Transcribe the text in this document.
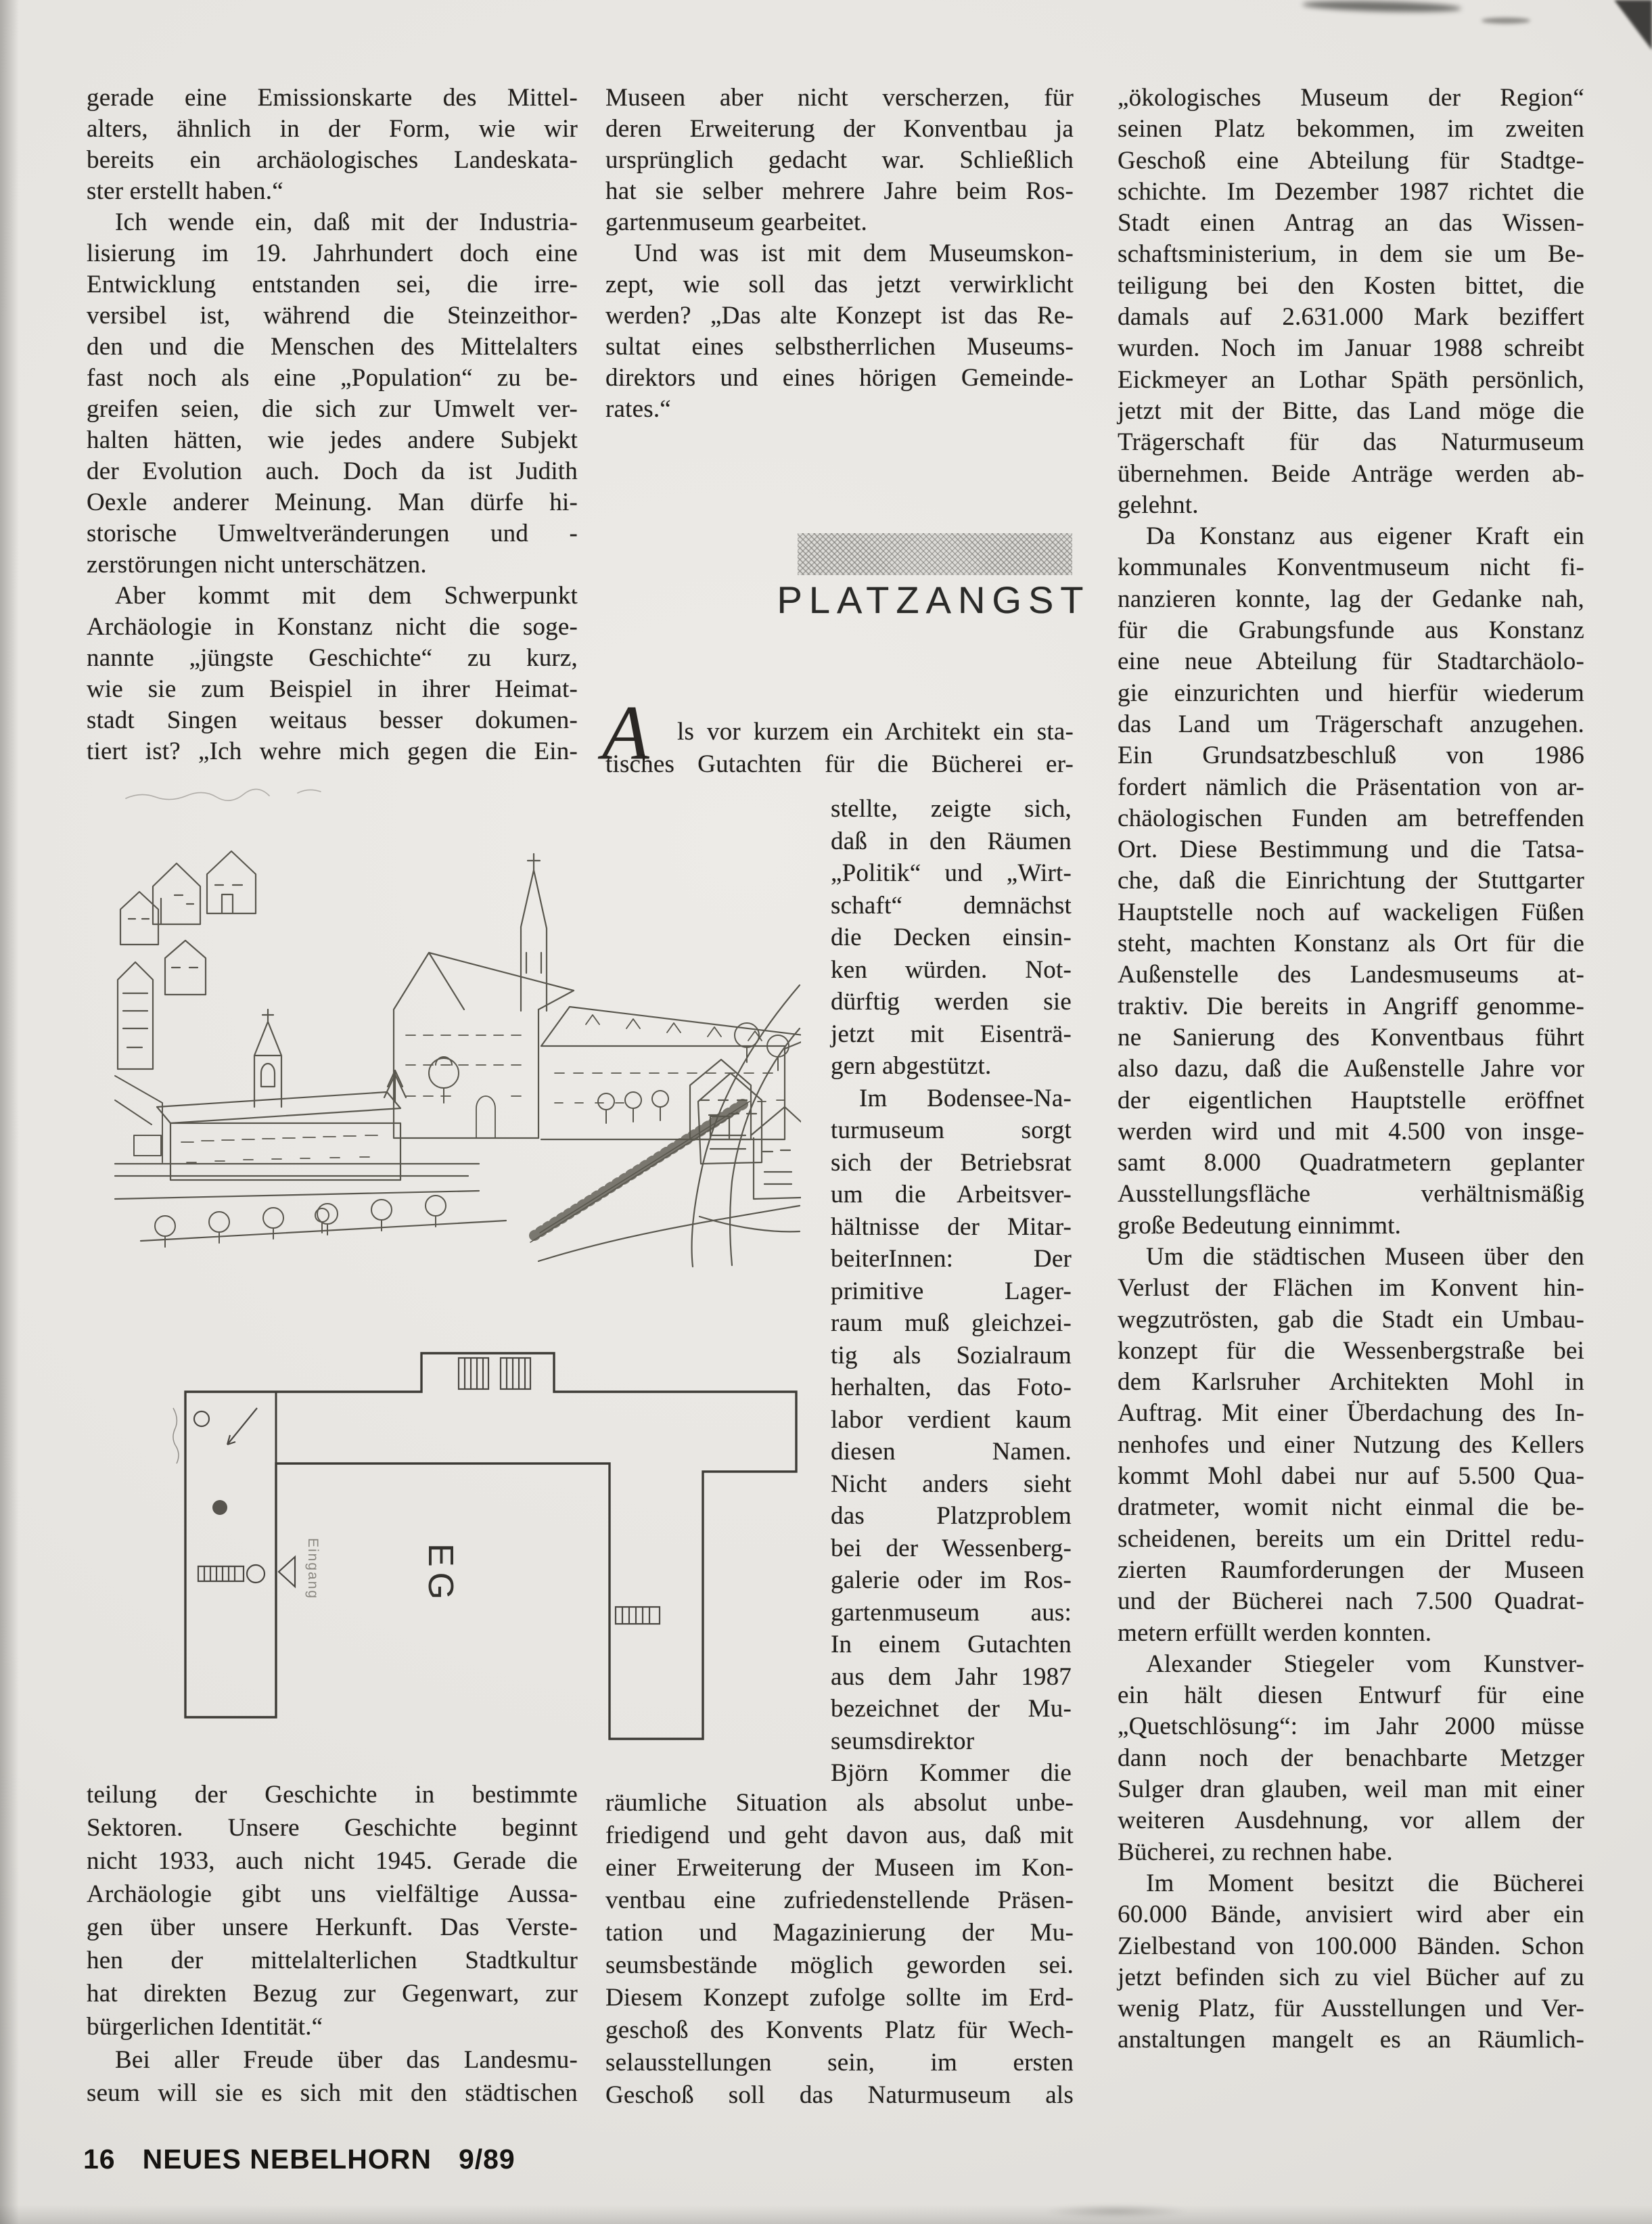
gerade eine Emissionskarte des Mittel-
alters, ähnlich in der Form, wie wir
bereits ein archäologisches Landeskata-
ster erstellt haben.“
Ich wende ein, daß mit der Industria-
lisierung im 19. Jahrhundert doch eine
Entwicklung entstanden sei, die irre-
versibel ist, während die Steinzeithor-
den und die Menschen des Mittelalters
fast noch als eine „Population“ zu be-
greifen seien, die sich zur Umwelt ver-
halten hätten, wie jedes andere Subjekt
der Evolution auch. Doch da ist Judith
Oexle anderer Meinung. Man dürfe hi-
storische Umweltveränderungen und -
zerstörungen nicht unterschätzen.
Aber kommt mit dem Schwerpunkt
Archäologie in Konstanz nicht die soge-
nannte „jüngste Geschichte“ zu kurz,
wie sie zum Beispiel in ihrer Heimat-
stadt Singen weitaus besser dokumen-
tiert ist? „Ich wehre mich gegen die Ein-
Museen aber nicht verscherzen, für
deren Erweiterung der Konventbau ja
ursprünglich gedacht war. Schließlich
hat sie selber mehrere Jahre beim Ros-
gartenmuseum gearbeitet.
Und was ist mit dem Museumskon-
zept, wie soll das jetzt verwirklicht
werden? „Das alte Konzept ist das Re-
sultat eines selbstherrlichen Museums-
direktors und eines hörigen Gemeinde-
rates.“
„ökologisches Museum der Region“
seinen Platz bekommen, im zweiten
Geschoß eine Abteilung für Stadtge-
schichte. Im Dezember 1987 richtet die
Stadt einen Antrag an das Wissen-
schaftsministerium, in dem sie um Be-
teiligung bei den Kosten bittet, die
damals auf 2.631.000 Mark beziffert
wurden. Noch im Januar 1988 schreibt
Eickmeyer an Lothar Späth persönlich,
jetzt mit der Bitte, das Land möge die
Trägerschaft für das Naturmuseum
übernehmen. Beide Anträge werden ab-
gelehnt.
Da Konstanz aus eigener Kraft ein
kommunales Konventmuseum nicht fi-
nanzieren konnte, lag der Gedanke nah,
für die Grabungsfunde aus Konstanz
eine neue Abteilung für Stadtarchäolo-
gie einzurichten und hierfür wiederum
das Land um Trägerschaft anzugehen.
Ein Grundsatzbeschluß von 1986
fordert nämlich die Präsentation von ar-
chäologischen Funden am betreffenden
Ort. Diese Bestimmung und die Tatsa-
che, daß die Einrichtung der Stuttgarter
Hauptstelle noch auf wackeligen Füßen
steht, machten Konstanz als Ort für die
Außenstelle des Landesmuseums at-
traktiv. Die bereits in Angriff genomme-
ne Sanierung des Konventbaus führt
also dazu, daß die Außenstelle Jahre vor
der eigentlichen Hauptstelle eröffnet
werden wird und mit 4.500 von insge-
samt 8.000 Quadratmetern geplanter
Ausstellungsfläche verhältnismäßig
große Bedeutung einnimmt.
Um die städtischen Museen über den
Verlust der Flächen im Konvent hin-
wegzutrösten, gab die Stadt ein Umbau-
konzept für die Wessenbergstraße bei
dem Karlsruher Architekten Mohl in
Auftrag. Mit einer Überdachung des In-
nenhofes und einer Nutzung des Kellers
kommt Mohl dabei nur auf 5.500 Qua-
dratmeter, womit nicht einmal die be-
scheidenen, bereits um ein Drittel redu-
zierten Raumforderungen der Museen
und der Bücherei nach 7.500 Quadrat-
metern erfüllt werden konnten.
Alexander Stiegeler vom Kunstver-
ein hält diesen Entwurf für eine
„Quetschlösung“: im Jahr 2000 müsse
dann noch der benachbarte Metzger
Sulger dran glauben, weil man mit einer
weiteren Ausdehnung, vor allem der
Bücherei, zu rechnen habe.
Im Moment besitzt die Bücherei
60.000 Bände, anvisiert wird aber ein
Zielbestand von 100.000 Bänden. Schon
jetzt befinden sich zu viel Bücher auf zu
wenig Platz, für Ausstellungen und Ver-
anstaltungen mangelt es an Räumlich-
PLATZANGST
A	ls vor kurzem ein Architekt ein sta-
tisches Gutachten für die Bücherei er-
stellte, zeigte sich,
daß in den Räumen
„Politik“ und „Wirt-
schaft“ demnächst
die Decken einsin-
ken würden. Not-
dürftig werden sie
jetzt mit Eisenträ-
gern abgestützt.
Im Bodensee-Na-
turmuseum sorgt
sich der Betriebsrat
um die Arbeitsver-
hältnisse der Mitar-
beiterInnen: Der
primitive Lager-
raum muß gleichzei-
tig als Sozialraum
herhalten, das Foto-
labor verdient kaum
diesen Namen.
Nicht anders sieht
das Platzproblem
bei der Wessenberg-
galerie oder im Ros-
gartenmuseum aus:
In einem Gutachten
aus dem Jahr 1987
bezeichnet der Mu-
seumsdirektor
Björn Kommer die
räumliche Situation als absolut unbe-
friedigend und geht davon aus, daß mit
einer Erweiterung der Museen im Kon-
ventbau eine zufriedenstellende Präsen-
tation und Magazinierung der Mu-
seumsbestände möglich geworden sei.
Diesem Konzept zufolge sollte im Erd-
geschoß des Konvents Platz für Wech-
selausstellungen sein, im ersten
Geschoß soll das Naturmuseum als
teilung der Geschichte in bestimmte
Sektoren. Unsere Geschichte beginnt
nicht 1933, auch nicht 1945. Gerade die
Archäologie gibt uns vielfältige Aussa-
gen über unsere Herkunft. Das Verste-
hen der mittelalterlichen Stadtkultur
hat direkten Bezug zur Gegenwart, zur
bürgerlichen Identität.“
Bei aller Freude über das Landesmu-
seum will sie es sich mit den städtischen
EG
Eingang
16 NEUES NEBELHORN 9/89
